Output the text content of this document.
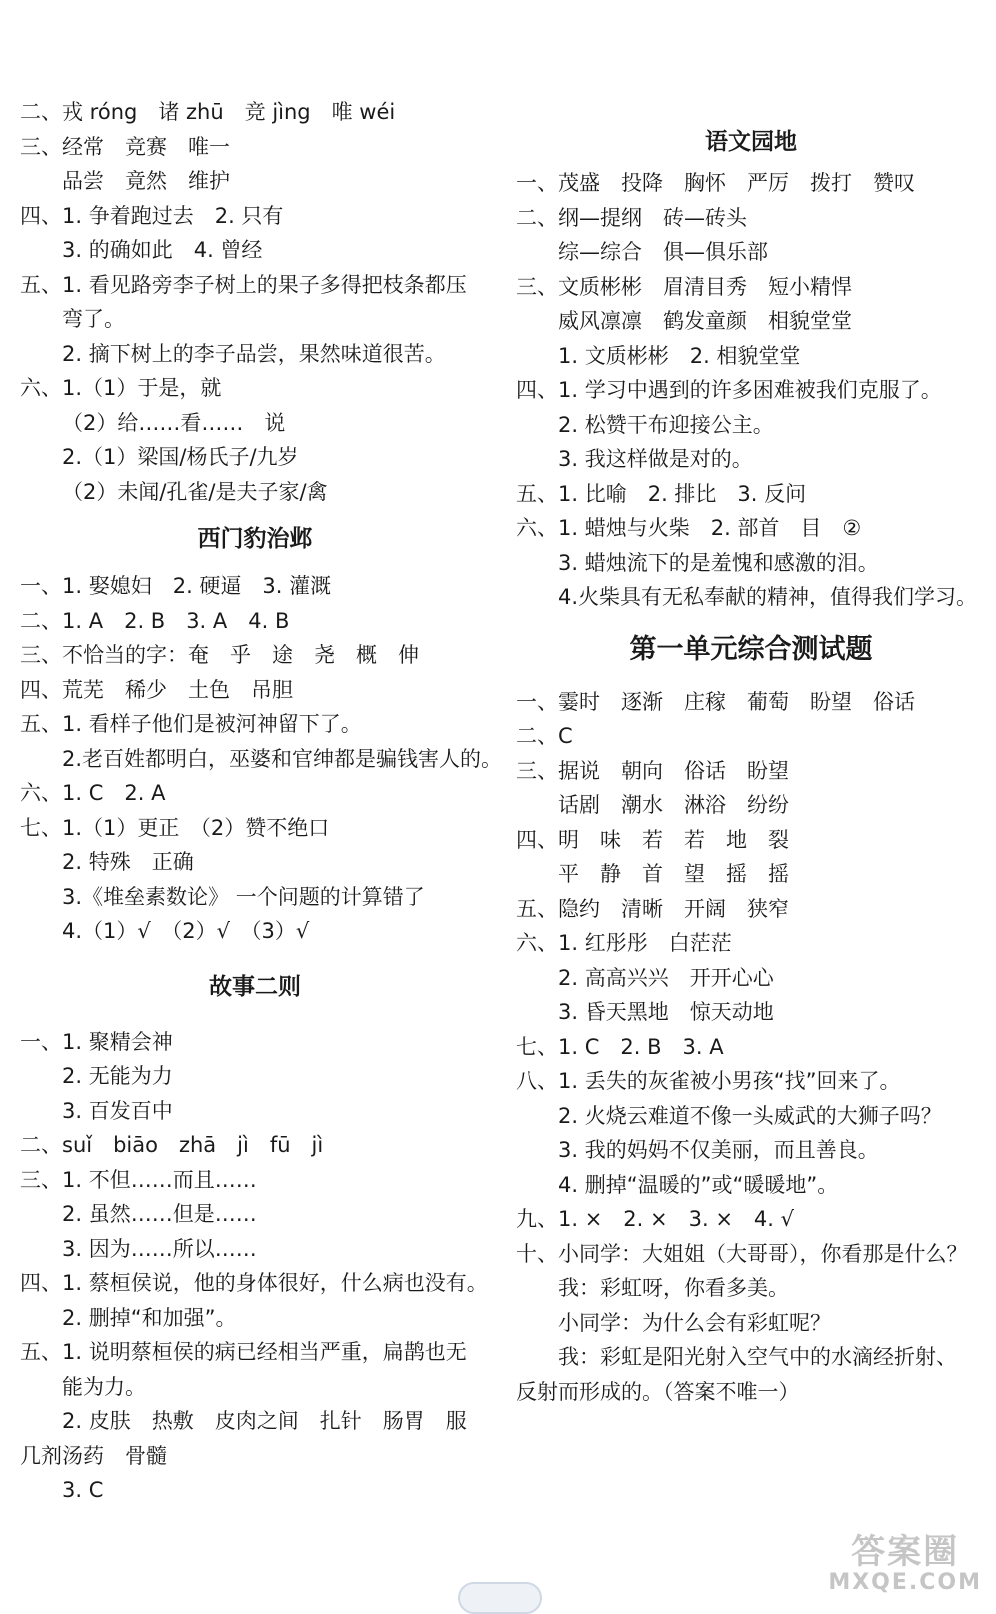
二、戎 róng　诸 zhū　竞 jìng　唯 wéi
三、经常　竞赛　唯一
品尝　竟然　维护
四、1. 争着跑过去　2. 只有
3. 的确如此　4. 曾经
五、1. 看见路旁李子树上的果子多得把枝条都压
弯了。
2. 摘下树上的李子品尝，果然味道很苦。
六、1.（1）于是，就
（2）给……看……　说
2.（1）梁国/杨氏子/九岁
（2）未闻/孔雀/是夫子家/禽
西门豹治邺
一、1. 娶媳妇　2. 硬逼　3. 灌溉
二、1. A　2. B　3. A　4. B
三、不恰当的字：奄　乎　途　尧　概　伸
四、荒芜　稀少　土色　吊胆
五、1. 看样子他们是被河神留下了。
2.老百姓都明白，巫婆和官绅都是骗钱害人的。
六、1. C　2. A
七、1.（1）更正　（2）赞不绝口
2. 特殊　正确
3.《堆垒素数论》 一个问题的计算错了
4.（1）√　（2）√　（3）√
故事二则
一、1. 聚精会神
2. 无能为力
3. 百发百中
二、suǐ　biāo　zhā　jì　fū　jì
三、1. 不但……而且……
2. 虽然……但是……
3. 因为……所以……
四、1. 蔡桓侯说，他的身体很好，什么病也没有。
2. 删掉“和加强”。
五、1. 说明蔡桓侯的病已经相当严重，扁鹊也无
能为力。
2. 皮肤　热敷　皮肉之间　扎针　肠胃　服
几剂汤药　骨髓
3. C
语文园地
一、茂盛　投降　胸怀　严厉　拨打　赞叹
二、纲—提纲　砖—砖头
综—综合　俱—俱乐部
三、文质彬彬　眉清目秀　短小精悍
威风凛凛　鹤发童颜　相貌堂堂
1. 文质彬彬　2. 相貌堂堂
四、1. 学习中遇到的许多困难被我们克服了。
2. 松赞干布迎接公主。
3. 我这样做是对的。
五、1. 比喻　2. 排比　3. 反问
六、1. 蜡烛与火柴　2. 部首　目　②
3. 蜡烛流下的是羞愧和感激的泪。
4.火柴具有无私奉献的精神，值得我们学习。
第一单元综合测试题
一、霎时　逐渐　庄稼　葡萄　盼望　俗话
二、C
三、据说　朝向　俗话　盼望
话剧　潮水　淋浴　纷纷
四、明　味　若　若　地　裂
平　静　首　望　摇　摇
五、隐约　清晰　开阔　狭窄
六、1. 红彤彤　白茫茫
2. 高高兴兴　开开心心
3. 昏天黑地　惊天动地
七、1. C　2. B　3. A
八、1. 丢失的灰雀被小男孩“找”回来了。
2. 火烧云难道不像一头威武的大狮子吗？
3. 我的妈妈不仅美丽，而且善良。
4. 删掉“温暖的”或“暖暖地”。
九、1. ×　2. ×　3. ×　4. √
十、小同学：大姐姐（大哥哥），你看那是什么？
我：彩虹呀，你看多美。
小同学：为什么会有彩虹呢？
我：彩虹是阳光射入空气中的水滴经折射、
反射而形成的。（答案不唯一）
答案圈
MXQE.COM
